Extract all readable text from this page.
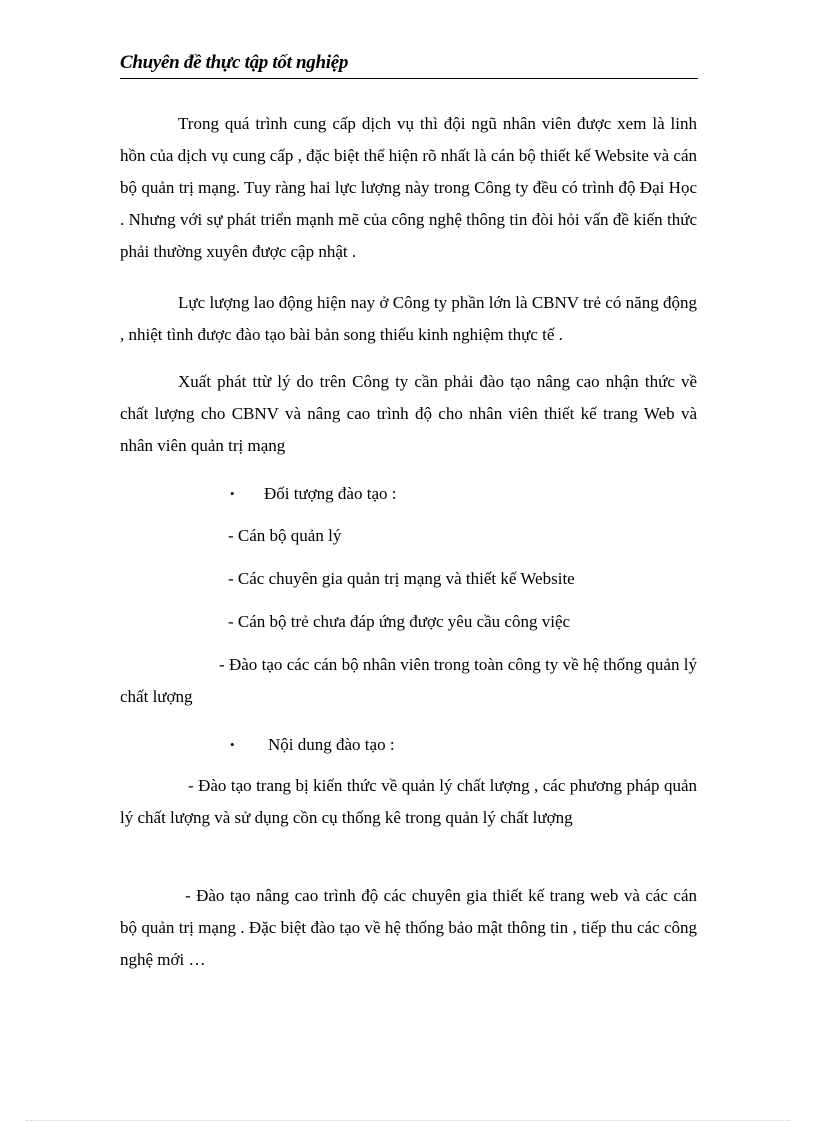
Chuyên đề thực tập tốt nghiệp

Trong quá trình cung cấp dịch vụ thì đội ngũ nhân viên được xem là linh hồn của dịch vụ cung cấp , đặc biệt thể hiện rõ nhất là cán bộ thiết kế Website và cán bộ quản trị mạng. Tuy ràng hai lực lượng này trong Công ty đều có trình độ Đại Học . Nhưng với sự phát triển mạnh mẽ của công nghệ thông tin đòi hỏi vấn đề kiến thức phải thường xuyên được cập nhật .

Lực lượng lao động hiện nay ở Công ty phần lớn là CBNV trẻ có năng động , nhiệt tình được đào tạo bài bản song thiếu kinh nghiệm thực tế .

Xuất phát ttừ lý do trên Công ty cần phải đào tạo nâng cao nhận thức về chất lượng cho CBNV và nâng cao trình độ cho nhân viên thiết kế trang Web và nhân viên quản trị mạng

• Đối tượng đào tạo :
- Cán bộ quản lý
- Các chuyên gia quản trị mạng và thiết kế Website
- Cán bộ trẻ chưa đáp ứng được yêu cầu công việc

- Đào tạo các cán bộ nhân viên trong toàn công ty về hệ thống quản lý chất lượng

• Nội dung đào tạo :

- Đào tạo trang bị kiến thức về quản lý chất lượng , các phương pháp quản lý chất lượng và sử dụng cồn cụ thống kê trong quản lý chất lượng

- Đào tạo nâng cao trình độ các chuyên gia thiết kế trang web và các cán bộ quản trị mạng . Đặc biệt đào tạo về hệ thống bảo mật thông tin , tiếp thu các công nghệ mới …
